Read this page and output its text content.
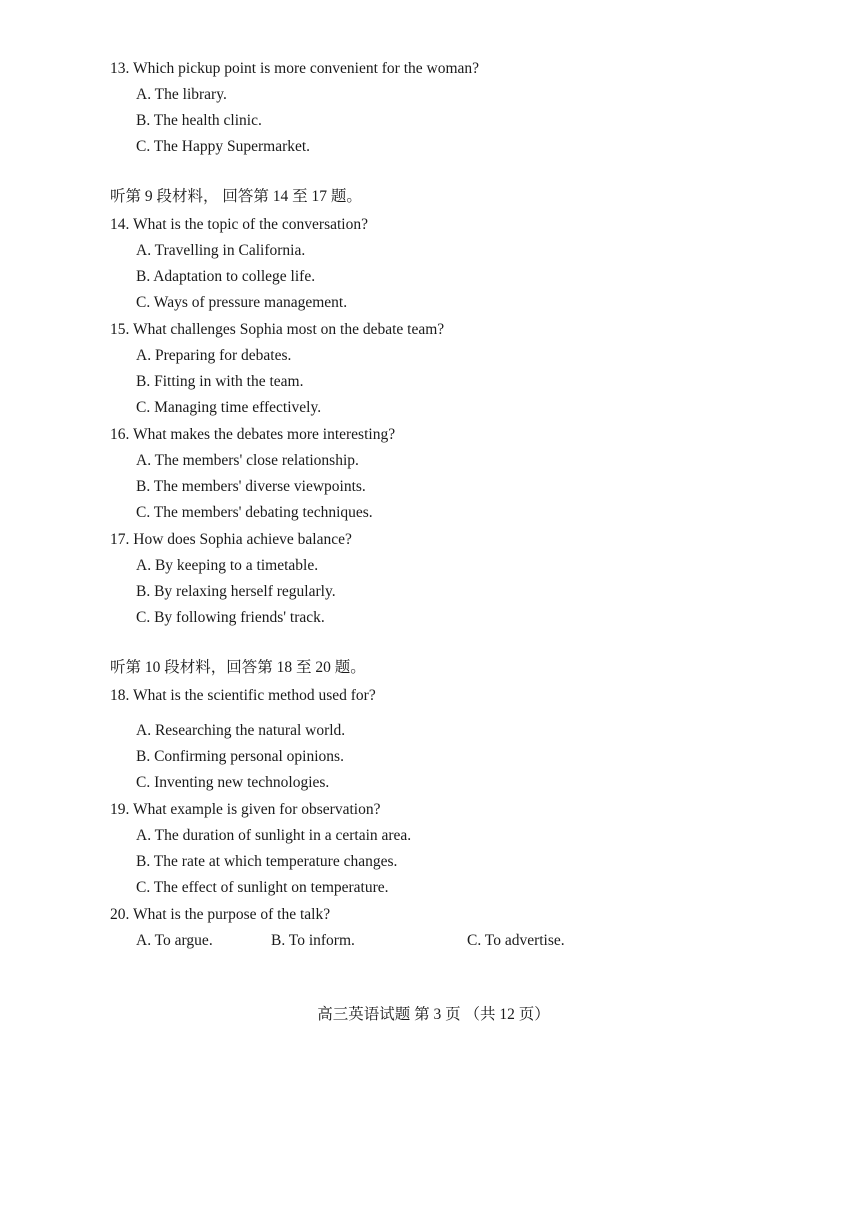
13. Which pickup point is more convenient for the woman?
A. The library.
B. The health clinic.
C. The Happy Supermarket.
听第 9 段材料， 回答第 14 至 17 题。
14. What is the topic of the conversation?
A. Travelling in California.
B. Adaptation to college life.
C. Ways of pressure management.
15. What challenges Sophia most on the debate team?
A. Preparing for debates.
B. Fitting in with the team.
C. Managing time effectively.
16. What makes the debates more interesting?
A. The members' close relationship.
B. The members' diverse viewpoints.
C. The members' debating techniques.
17. How does Sophia achieve balance?
A. By keeping to a timetable.
B. By relaxing herself regularly.
C. By following friends' track.
听第 10 段材料，回答第 18 至 20 题。
18. What is the scientific method used for?
A. Researching the natural world.
B. Confirming personal opinions.
C. Inventing new technologies.
19. What example is given for observation?
A. The duration of sunlight in a certain area.
B. The rate at which temperature changes.
C. The effect of sunlight on temperature.
20. What is the purpose of the talk?
A. To argue.	B. To inform.	C. To advertise.
高三英语试题 第 3 页 （共 12 页）
